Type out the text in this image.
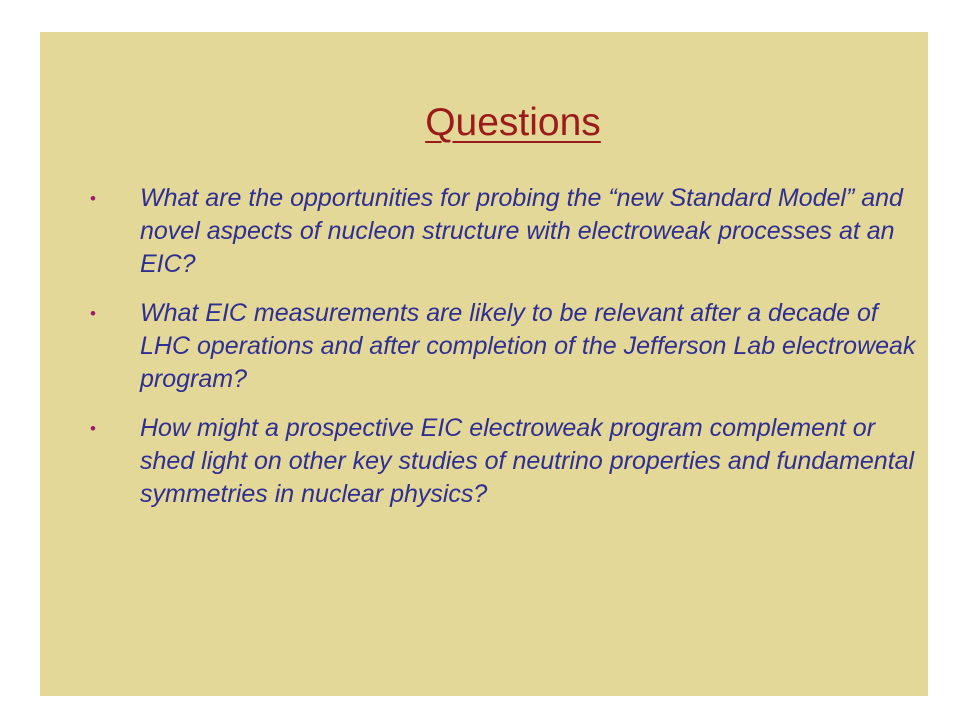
Questions
• What are the opportunities for probing the “new Standard Model” and novel aspects of nucleon structure with electroweak processes at an EIC?
• What EIC measurements are likely to be relevant after a decade of LHC operations and after completion of the Jefferson Lab electroweak program?
• How might a prospective EIC electroweak program complement or shed light on other key studies of neutrino properties and fundamental symmetries in nuclear physics?
